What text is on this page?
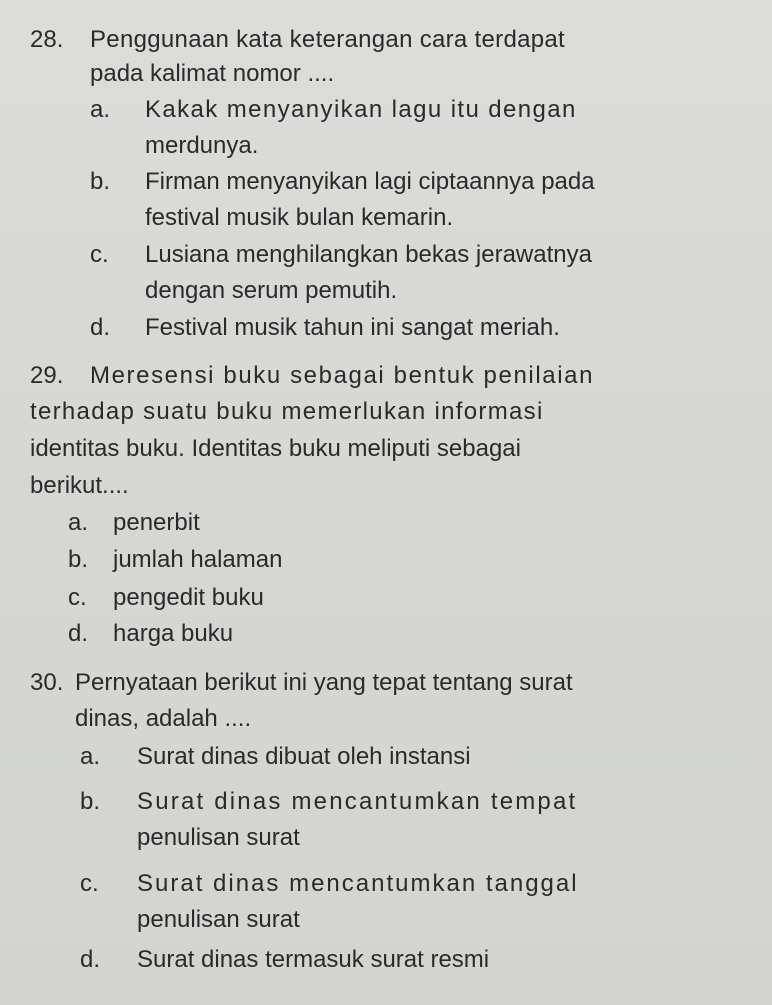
28. Penggunaan kata keterangan cara terdapat
pada kalimat nomor ....
a. Kakak menyanyikan lagu itu dengan
merdunya.
b. Firman menyanyikan lagi ciptaannya pada
festival musik bulan kemarin.
c. Lusiana menghilangkan bekas jerawatnya
dengan serum pemutih.
d. Festival musik tahun ini sangat meriah.
29. Meresensi buku sebagai bentuk penilaian
terhadap suatu buku memerlukan informasi
identitas buku. Identitas buku meliputi sebagai
berikut....
a. penerbit
b. jumlah halaman
c. pengedit buku
d. harga buku
30. Pernyataan berikut ini yang tepat tentang surat
dinas, adalah ....
a. Surat dinas dibuat oleh instansi
b. Surat dinas mencantumkan tempat
penulisan surat
c. Surat dinas mencantumkan tanggal
penulisan surat
d. Surat dinas termasuk surat resmi
